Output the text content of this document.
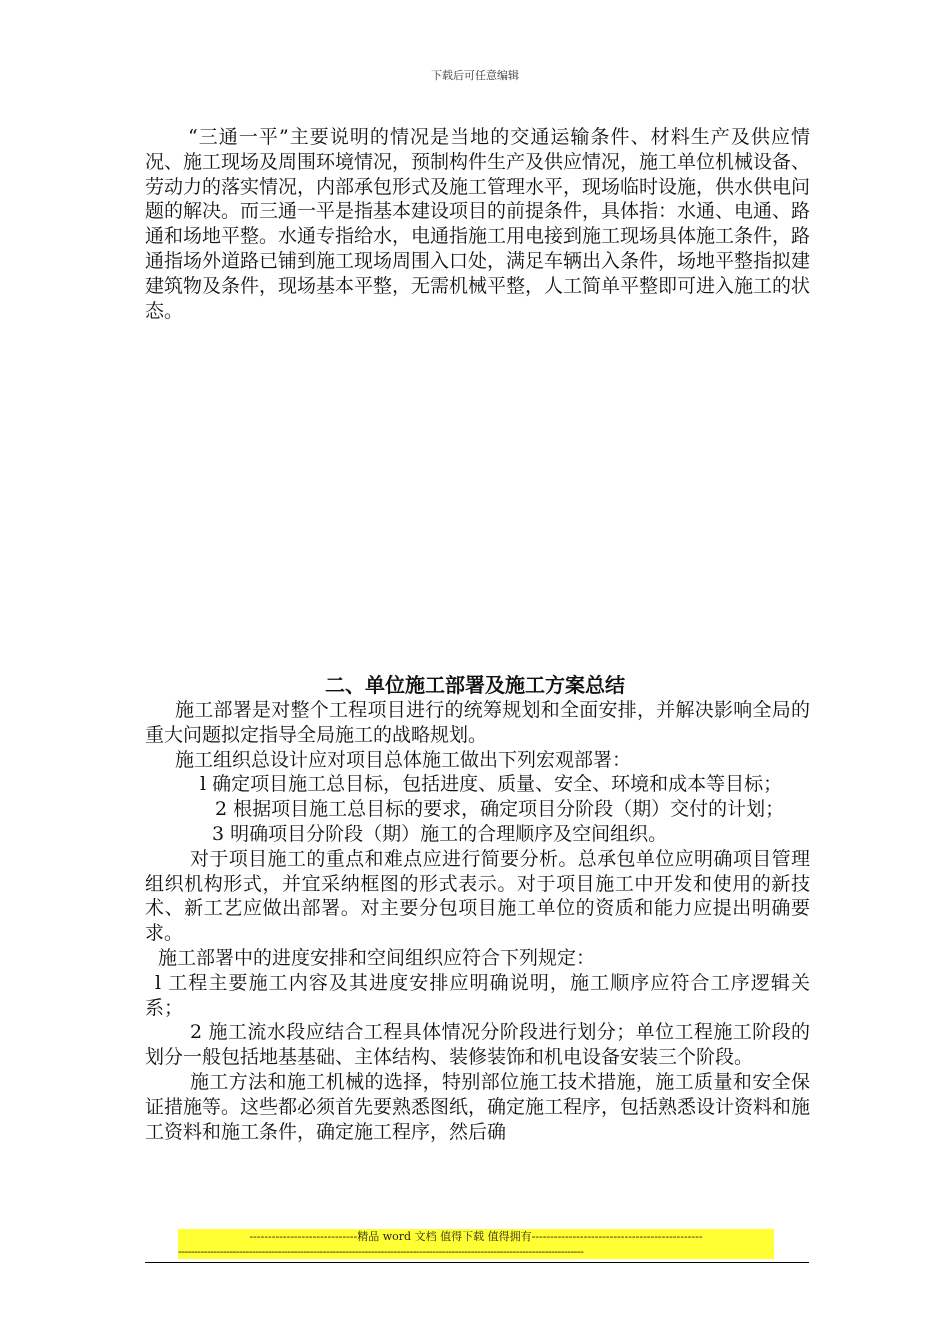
下载后可任意编辑

“三通一平”主要说明的情况是当地的交通运输条件、材料生产及供应情况、施工现场及周围环境情况，预制构件生产及供应情况，施工单位机械设备、劳动力的落实情况，内部承包形式及施工管理水平，现场临时设施，供水供电问题的解决。而三通一平是指基本建设项目的前提条件，具体指：水通、电通、路通和场地平整。水通专指给水，电通指施工用电接到施工现场具体施工条件，路通指场外道路已铺到施工现场周围入口处，满足车辆出入条件，场地平整指拟建建筑物及条件，现场基本平整，无需机械平整，人工简单平整即可进入施工的状态。

二、单位施工部署及施工方案总结

施工部署是对整个工程项目进行的统筹规划和全面安排，并解决影响全局的重大问题拟定指导全局施工的战略规划。

施工组织总设计应对项目总体施工做出下列宏观部署：

l 确定项目施工总目标，包括进度、质量、安全、环境和成本等目标；

2 根据项目施工总目标的要求，确定项目分阶段（期）交付的计划；

3 明确项目分阶段（期）施工的合理顺序及空间组织。

对于项目施工的重点和难点应进行简要分析。总承包单位应明确项目管理组织机构形式，并宜采纳框图的形式表示。对于项目施工中开发和使用的新技术、新工艺应做出部署。对主要分包项目施工单位的资质和能力应提出明确要求。

施工部署中的进度安排和空间组织应符合下列规定：

l 工程主要施工内容及其进度安排应明确说明，施工顺序应符合工序逻辑关系；

2 施工流水段应结合工程具体情况分阶段进行划分；单位工程施工阶段的划分一般包括地基基础、主体结构、装修装饰和机电设备安装三个阶段。

施工方法和施工机械的选择，特别部位施工技术措施，施工质量和安全保证措施等。这些都必须首先要熟悉图纸，确定施工程序，包括熟悉设计资料和施工资料和施工条件，确定施工程序，然后确

-----------------------------精品 word 文档 值得下载 值得拥有----------------------------------------------
------------------------------------------------------------------------------------------------------------------------------
